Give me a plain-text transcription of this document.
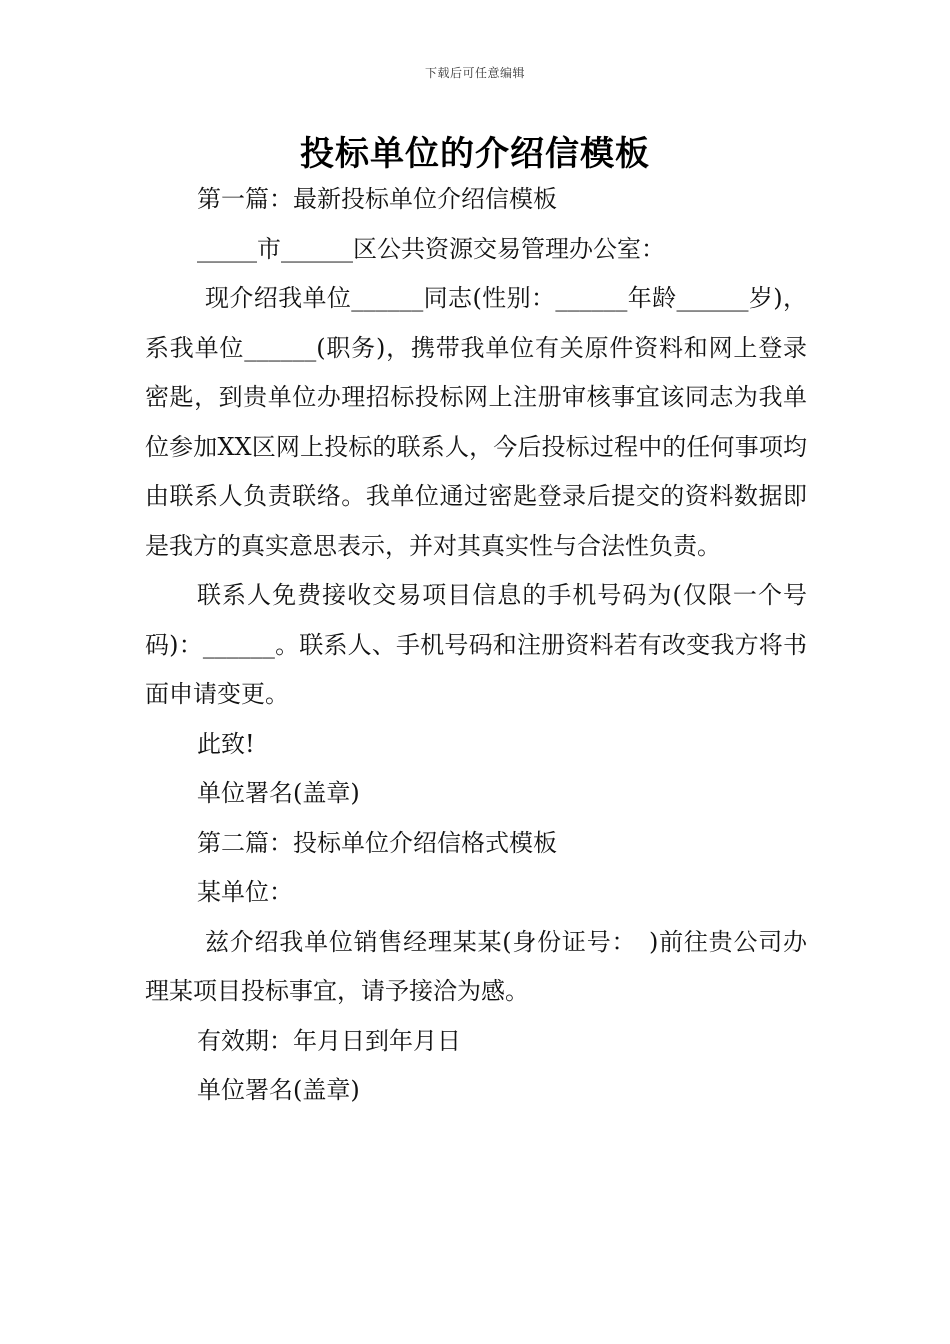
下载后可任意编辑
投标单位的介绍信模板

第一篇：最新投标单位介绍信模板

_____市______区公共资源交易管理办公室：

现介绍我单位______同志(性别：______年龄______岁)，系我单位______(职务)，携带我单位有关原件资料和网上登录密匙，到贵单位办理招标投标网上注册审核事宜该同志为我单位参加XX区网上投标的联系人，今后投标过程中的任何事项均由联系人负责联络。我单位通过密匙登录后提交的资料数据即是我方的真实意思表示，并对其真实性与合法性负责。

联系人免费接收交易项目信息的手机号码为(仅限一个号码)：______。联系人、手机号码和注册资料若有改变我方将书面申请变更。

此致!

单位署名(盖章)

第二篇：投标单位介绍信格式模板

某单位：

兹介绍我单位销售经理某某(身份证号：　)前往贵公司办理某项目投标事宜，请予接洽为感。

有效期：年月日到年月日

单位署名(盖章)
